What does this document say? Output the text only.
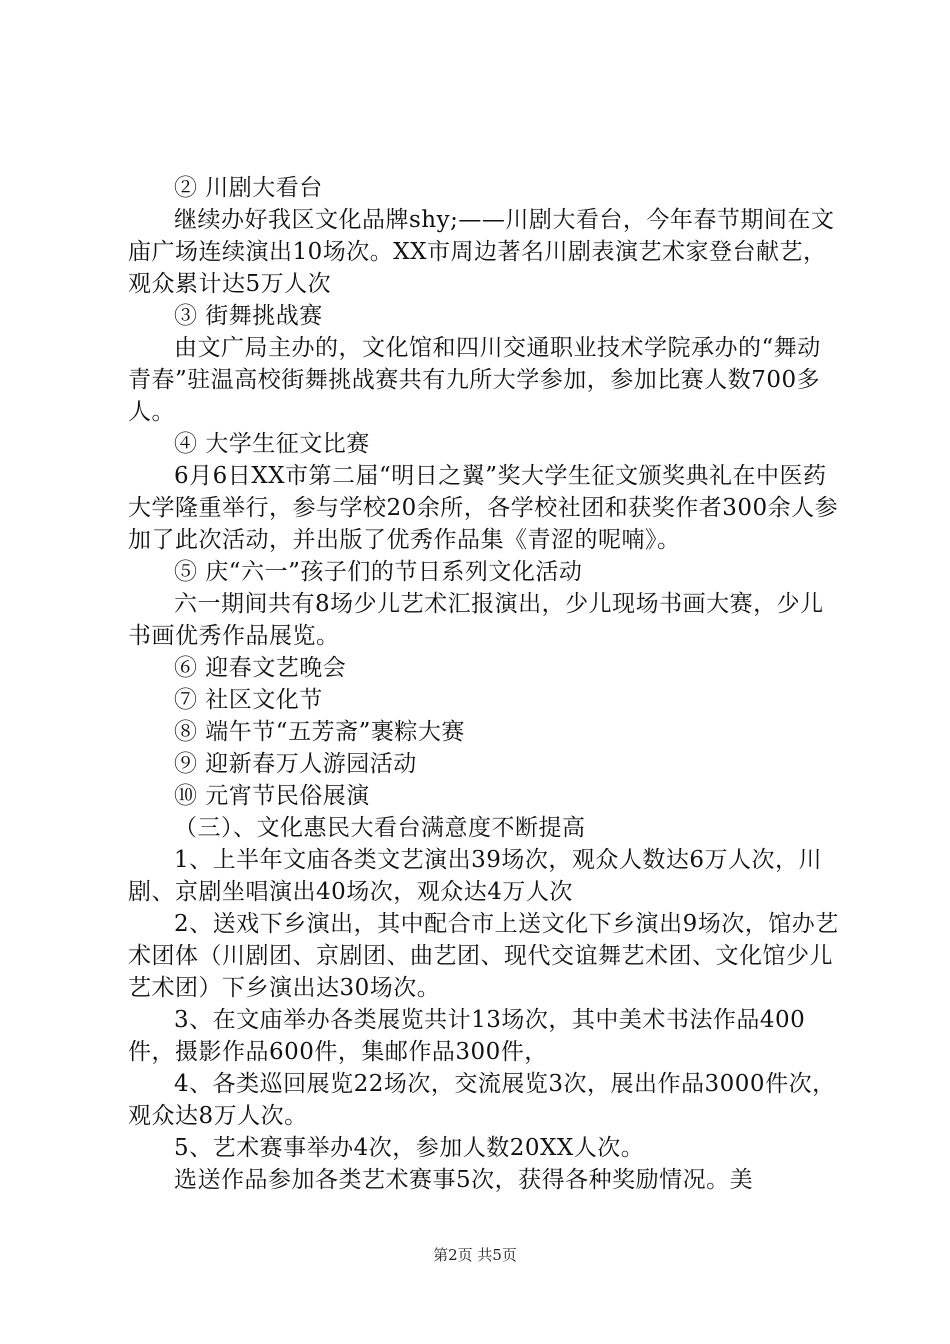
② 川剧大看台

继续办好我区文化品牌shy;——川剧大看台，今年春节期间在文庙广场连续演出10场次。XX市周边著名川剧表演艺术家登台献艺，观众累计达5万人次

③ 街舞挑战赛

由文广局主办的，文化馆和四川交通职业技术学院承办的“舞动青春”驻温高校街舞挑战赛共有九所大学参加，参加比赛人数700多人。

④ 大学生征文比赛

6月6日XX市第二届“明日之翼”奖大学生征文颁奖典礼在中医药大学隆重举行，参与学校20余所，各学校社团和获奖作者300余人参加了此次活动，并出版了优秀作品集《青涩的呢喃》。

⑤ 庆“六一”孩子们的节日系列文化活动

六一期间共有8场少儿艺术汇报演出，少儿现场书画大赛，少儿书画优秀作品展览。

⑥ 迎春文艺晚会

⑦ 社区文化节

⑧ 端午节“五芳斋”裹粽大赛

⑨ 迎新春万人游园活动

⑩ 元宵节民俗展演

（三）、文化惠民大看台满意度不断提高

1、上半年文庙各类文艺演出39场次，观众人数达6万人次，川剧、京剧坐唱演出40场次，观众达4万人次

2、送戏下乡演出，其中配合市上送文化下乡演出9场次，馆办艺术团体（川剧团、京剧团、曲艺团、现代交谊舞艺术团、文化馆少儿艺术团）下乡演出达30场次。

3、在文庙举办各类展览共计13场次，其中美术书法作品400件，摄影作品600件，集邮作品300件，

4、各类巡回展览22场次，交流展览3次，展出作品3000件次，观众达8万人次。

5、艺术赛事举办4次，参加人数20XX人次。

选送作品参加各类艺术赛事5次，获得各种奖励情况。美

第2页 共5页
